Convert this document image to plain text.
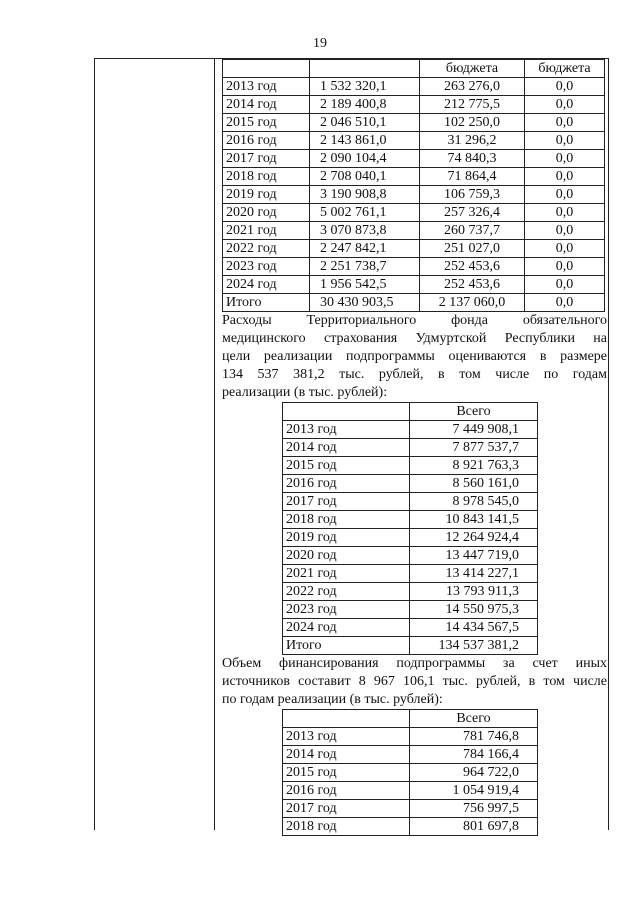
19
		бюджета	бюджета
2013 год	1 532 320,1	263 276,0	0,0
2014 год	2 189 400,8	212 775,5	0,0
2015 год	2 046 510,1	102 250,0	0,0
2016 год	2 143 861,0	31 296,2	0,0
2017 год	2 090 104,4	74 840,3	0,0
2018 год	2 708 040,1	71 864,4	0,0
2019 год	3 190 908,8	106 759,3	0,0
2020 год	5 002 761,1	257 326,4	0,0
2021 год	3 070 873,8	260 737,7	0,0
2022 год	2 247 842,1	251 027,0	0,0
2023 год	2 251 738,7	252 453,6	0,0
2024 год	1 956 542,5	252 453,6	0,0
Итого	30 430 903,5	2 137 060,0	0,0

Расходы Территориального фонда обязательного
медицинского страхования Удмуртской Республики на
цели реализации подпрограммы оцениваются в размере
134 537 381,2 тыс. рублей, в том числе по годам
реализации (в тыс. рублей):

	Всего
2013 год	7 449 908,1
2014 год	7 877 537,7
2015 год	8 921 763,3
2016 год	8 560 161,0
2017 год	8 978 545,0
2018 год	10 843 141,5
2019 год	12 264 924,4
2020 год	13 447 719,0
2021 год	13 414 227,1
2022 год	13 793 911,3
2023 год	14 550 975,3
2024 год	14 434 567,5
Итого	134 537 381,2

Объем финансирования подпрограммы за счет иных
источников составит 8 967 106,1 тыс. рублей, в том числе
по годам реализации (в тыс. рублей):

	Всего
2013 год	781 746,8
2014 год	784 166,4
2015 год	964 722,0
2016 год	1 054 919,4
2017 год	756 997,5
2018 год	801 697,8
